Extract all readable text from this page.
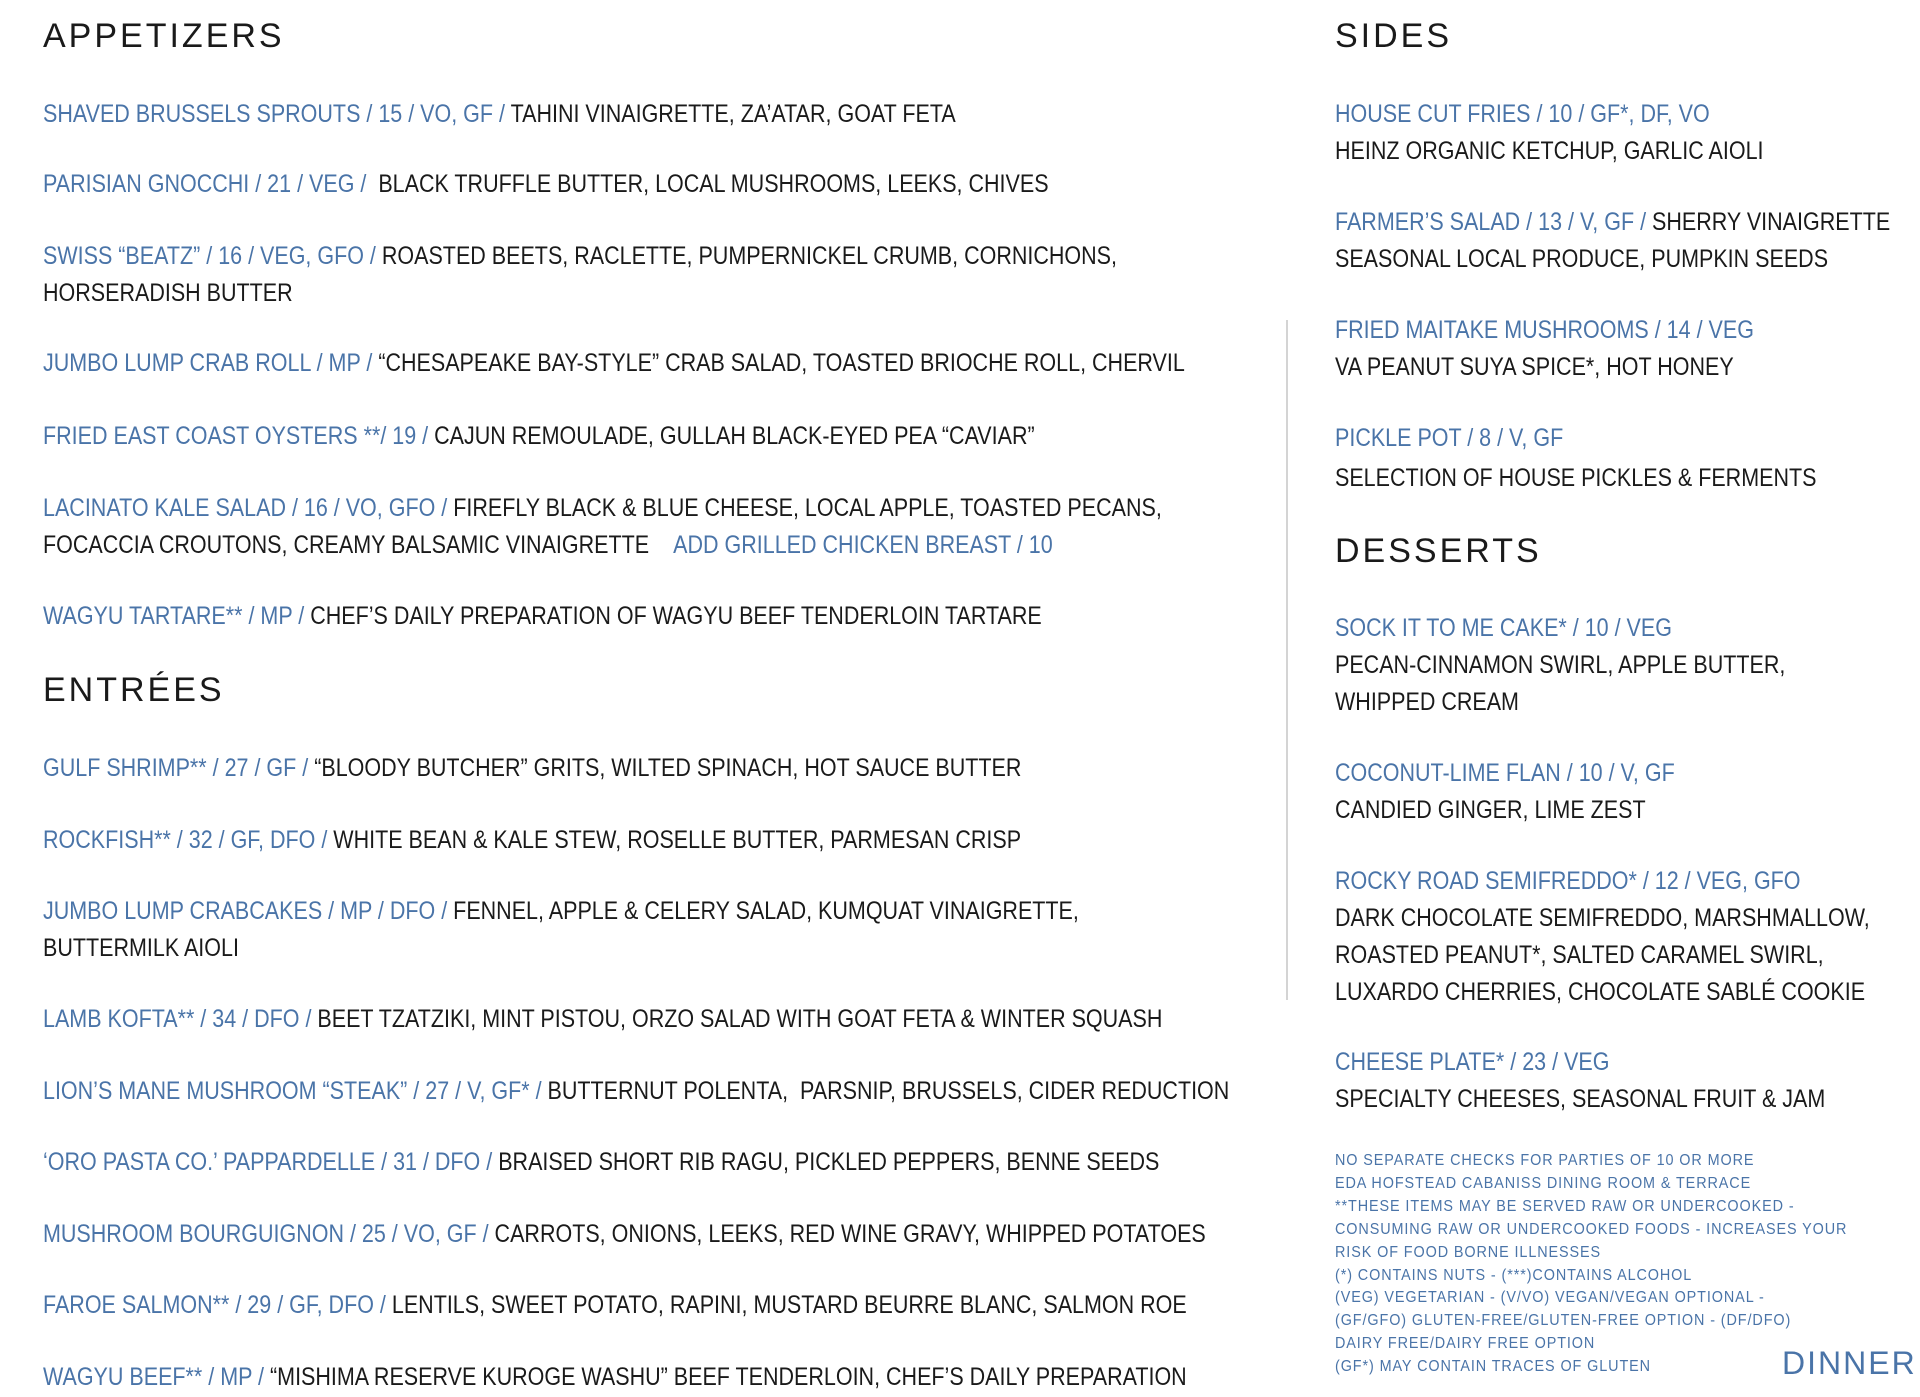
APPETIZERS

SHAVED BRUSSELS SPROUTS / 15 / VO, GF / TAHINI VINAIGRETTE, ZA’ATAR, GOAT FETA

PARISIAN GNOCCHI / 21 / VEG /  BLACK TRUFFLE BUTTER, LOCAL MUSHROOMS, LEEKS, CHIVES

SWISS “BEATZ” / 16 / VEG, GFO / ROASTED BEETS, RACLETTE, PUMPERNICKEL CRUMB, CORNICHONS,
HORSERADISH BUTTER

JUMBO LUMP CRAB ROLL / MP / “CHESAPEAKE BAY-STYLE” CRAB SALAD, TOASTED BRIOCHE ROLL, CHERVIL

FRIED EAST COAST OYSTERS **/ 19 / CAJUN REMOULADE, GULLAH BLACK-EYED PEA “CAVIAR”

LACINATO KALE SALAD / 16 / VO, GFO / FIREFLY BLACK & BLUE CHEESE, LOCAL APPLE, TOASTED PECANS,
FOCACCIA CROUTONS, CREAMY BALSAMIC VINAIGRETTE ADD GRILLED CHICKEN BREAST / 10

WAGYU TARTARE** / MP / CHEF’S DAILY PREPARATION OF WAGYU BEEF TENDERLOIN TARTARE

ENTRÉES

GULF SHRIMP** / 27 / GF / “BLOODY BUTCHER” GRITS, WILTED SPINACH, HOT SAUCE BUTTER

ROCKFISH** / 32 / GF, DFO / WHITE BEAN & KALE STEW, ROSELLE BUTTER, PARMESAN CRISP

JUMBO LUMP CRABCAKES / MP / DFO / FENNEL, APPLE & CELERY SALAD, KUMQUAT VINAIGRETTE,
BUTTERMILK AIOLI

LAMB KOFTA** / 34 / DFO / BEET TZATZIKI, MINT PISTOU, ORZO SALAD WITH GOAT FETA & WINTER SQUASH

LION’S MANE MUSHROOM “STEAK” / 27 / V, GF* / BUTTERNUT POLENTA,  PARSNIP, BRUSSELS, CIDER REDUCTION

‘ORO PASTA CO.’ PAPPARDELLE / 31 / DFO / BRAISED SHORT RIB RAGU, PICKLED PEPPERS, BENNE SEEDS

MUSHROOM BOURGUIGNON / 25 / VO, GF / CARROTS, ONIONS, LEEKS, RED WINE GRAVY, WHIPPED POTATOES

FAROE SALMON** / 29 / GF, DFO / LENTILS, SWEET POTATO, RAPINI, MUSTARD BEURRE BLANC, SALMON ROE

WAGYU BEEF** / MP / “MISHIMA RESERVE KUROGE WASHU” BEEF TENDERLOIN, CHEF’S DAILY PREPARATION

SIDES

HOUSE CUT FRIES / 10 / GF*, DF, VO
HEINZ ORGANIC KETCHUP, GARLIC AIOLI

FARMER’S SALAD / 13 / V, GF / SHERRY VINAIGRETTE
SEASONAL LOCAL PRODUCE, PUMPKIN SEEDS

FRIED MAITAKE MUSHROOMS / 14 / VEG
VA PEANUT SUYA SPICE*, HOT HONEY

PICKLE POT / 8 / V, GF
SELECTION OF HOUSE PICKLES & FERMENTS

DESSERTS

SOCK IT TO ME CAKE* / 10 / VEG
PECAN-CINNAMON SWIRL, APPLE BUTTER,
WHIPPED CREAM

COCONUT-LIME FLAN / 10 / V, GF
CANDIED GINGER, LIME ZEST

ROCKY ROAD SEMIFREDDO* / 12 / VEG, GFO
DARK CHOCOLATE SEMIFREDDO, MARSHMALLOW,
ROASTED PEANUT*, SALTED CARAMEL SWIRL,
LUXARDO CHERRIES, CHOCOLATE SABLÉ COOKIE

CHEESE PLATE* / 23 / VEG
SPECIALTY CHEESES, SEASONAL FRUIT & JAM

NO SEPARATE CHECKS FOR PARTIES OF 10 OR MORE
EDA HOFSTEAD CABANISS DINING ROOM & TERRACE
**THESE ITEMS MAY BE SERVED RAW OR UNDERCOOKED -
CONSUMING RAW OR UNDERCOOKED FOODS - INCREASES YOUR
RISK OF FOOD BORNE ILLNESSES
(*) CONTAINS NUTS - (***)CONTAINS ALCOHOL
(VEG) VEGETARIAN - (V/VO) VEGAN/VEGAN OPTIONAL -
(GF/GFO) GLUTEN-FREE/GLUTEN-FREE OPTION - (DF/DFO)
DAIRY FREE/DAIRY FREE OPTION
(GF*) MAY CONTAIN TRACES OF GLUTEN	DINNER
